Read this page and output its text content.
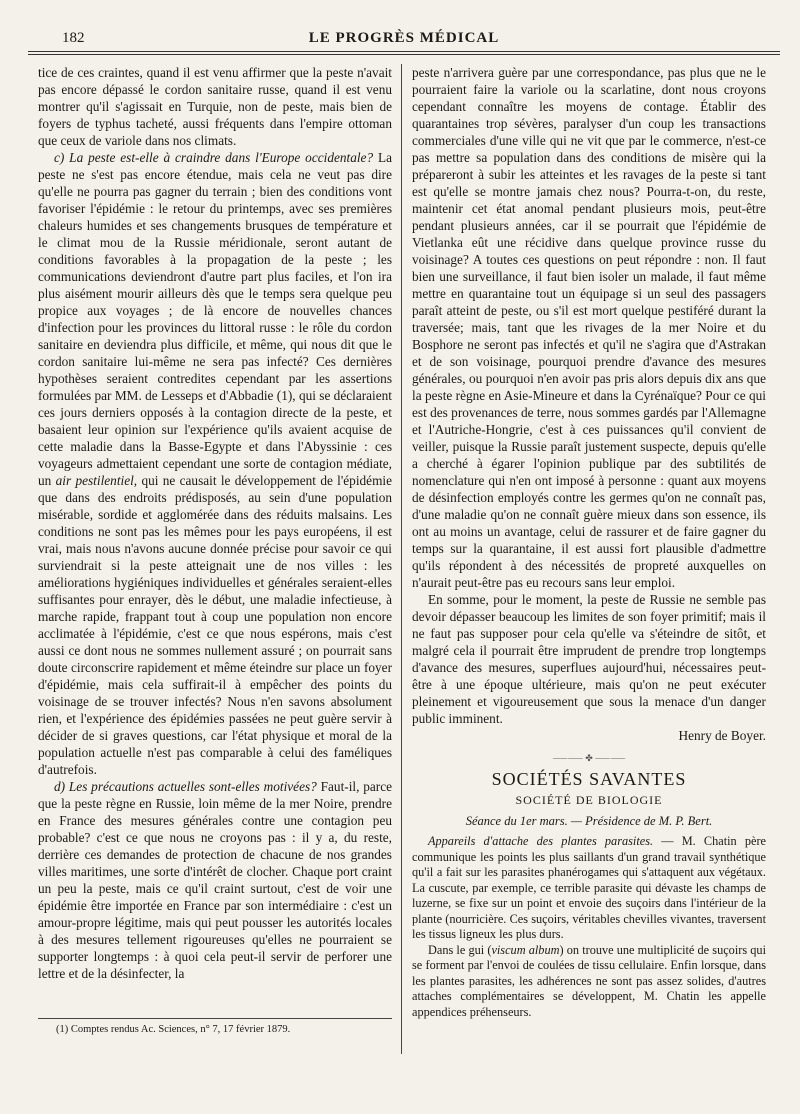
182	LE PROGRÈS MÉDICAL

tice de ces craintes, quand il est venu affirmer que la peste n'avait pas encore dépassé le cordon sanitaire russe, quand il est venu montrer qu'il s'agissait en Turquie, non de peste, mais bien de foyers de typhus tacheté, aussi fréquents dans l'empire ottoman que ceux de variole dans nos climats.

c) La peste est-elle à craindre dans l'Europe occidentale? La peste ne s'est pas encore étendue, mais cela ne veut pas dire qu'elle ne pourra pas gagner du terrain ; bien des conditions vont favoriser l'épidémie : le retour du printemps, avec ses premières chaleurs humides et ses changements brusques de température et le climat mou de la Russie méridionale, seront autant de conditions favorables à la propagation de la peste ; les communications deviendront d'autre part plus faciles, et l'on ira plus aisément mourir ailleurs dès que le temps sera quelque peu propice aux voyages ; de là encore de nouvelles chances d'infection pour les provinces du littoral russe : le rôle du cordon sanitaire en deviendra plus difficile, et même, qui nous dit que le cordon sanitaire lui-même ne sera pas infecté? Ces dernières hypothèses seraient contredites cependant par les assertions formulées par MM. de Lesseps et d'Abbadie (1), qui se déclaraient ces jours derniers opposés à la contagion directe de la peste, et basaient leur opinion sur l'expérience qu'ils avaient acquise de cette maladie dans la Basse-Egypte et dans l'Abyssinie : ces voyageurs admettaient cependant une sorte de contagion médiate, un air pestilentiel, qui ne causait le développement de l'épidémie que dans des endroits prédisposés, au sein d'une population misérable, sordide et agglomérée dans des réduits malsains. Les conditions ne sont pas les mêmes pour les pays européens, il est vrai, mais nous n'avons aucune donnée précise pour savoir ce qui surviendrait si la peste atteignait une de nos villes : les améliorations hygiéniques individuelles et générales seraient-elles suffisantes pour enrayer, dès le début, une maladie infectieuse, à marche rapide, frappant tout à coup une population non encore acclimatée à l'épidémie, c'est ce que nous espérons, mais c'est aussi ce dont nous ne sommes nullement assuré ; on pourrait sans doute circonscrire rapidement et même éteindre sur place un foyer d'épidémie, mais cela suffirait-il à empêcher des points du voisinage de se trouver infectés? Nous n'en savons absolument rien, et l'expérience des épidémies passées ne peut guère servir à décider de si graves questions, car l'état physique et moral de la population actuelle n'est pas comparable à celui des faméliques d'autrefois.

d) Les précautions actuelles sont-elles motivées? Faut-il, parce que la peste règne en Russie, loin même de la mer Noire, prendre en France des mesures générales contre une contagion peu probable? c'est ce que nous ne croyons pas : il y a, du reste, derrière ces demandes de protection de chacune de nos grandes villes maritimes, une sorte d'intérêt de clocher. Chaque port craint un peu la peste, mais ce qu'il craint surtout, c'est de voir une épidémie être importée en France par son intermédiaire : c'est un amour-propre légitime, mais qui peut pousser les autorités locales à des mesures tellement rigoureuses qu'elles ne pourraient se supporter longtemps : à quoi cela peut-il servir de perforer une lettre et de la désinfecter, la

(1) Comptes rendus Ac. Sciences, n° 7, 17 février 1879.

peste n'arrivera guère par une correspondance, pas plus que ne le pourraient faire la variole ou la scarlatine, dont nous croyons cependant connaître les moyens de contage. Établir des quarantaines trop sévères, paralyser d'un coup les transactions commerciales d'une ville qui ne vit que par le commerce, n'est-ce pas mettre sa population dans des conditions de misère qui la prépareront à subir les atteintes et les ravages de la peste si tant est qu'elle se montre jamais chez nous? Pourra-t-on, du reste, maintenir cet état anomal pendant plusieurs mois, peut-être pendant plusieurs années, car il se pourrait que l'épidémie de Vietlanka eût une récidive dans quelque province russe du voisinage? A toutes ces questions on peut répondre : non. Il faut bien une surveillance, il faut bien isoler un malade, il faut même mettre en quarantaine tout un équipage si un seul des passagers paraît atteint de peste, ou s'il est mort quelque pestiféré durant la traversée; mais, tant que les rivages de la mer Noire et du Bosphore ne seront pas infectés et qu'il ne s'agira que d'Astrakan et de son voisinage, pourquoi prendre d'avance des mesures générales, ou pourquoi n'en avoir pas pris alors depuis dix ans que la peste règne en Asie-Mineure et dans la Cyrénaïque? Pour ce qui est des provenances de terre, nous sommes gardés par l'Allemagne et l'Autriche-Hongrie, c'est à ces puissances qu'il convient de veiller, puisque la Russie paraît justement suspecte, depuis qu'elle a cherché à égarer l'opinion publique par des subtilités de nomenclature qui n'en ont imposé à personne : quant aux moyens de désinfection employés contre les germes qu'on ne connaît pas, d'une maladie qu'on ne connaît guère mieux dans son essence, ils ont au moins un avantage, celui de rassurer et de faire gagner du temps sur la quarantaine, il est aussi fort plausible d'admettre qu'ils répondent à des nécessités de propreté auxquelles on n'aurait peut-être pas eu recours sans leur emploi.

En somme, pour le moment, la peste de Russie ne semble pas devoir dépasser beaucoup les limites de son foyer primitif; mais il ne faut pas supposer pour cela qu'elle va s'éteindre de sitôt, et malgré cela il pourrait être imprudent de prendre trop longtemps d'avance des mesures, superflues aujourd'hui, nécessaires peut-être à une époque ultérieure, mais qu'on ne peut exécuter pleinement et vigoureusement que sous la menace d'un danger public imminent.

Henry de Boyer.

⸺⸺ ✤ ⸺⸺
SOCIÉTÉS SAVANTES
SOCIÉTÉ DE BIOLOGIE
Séance du 1er mars. — Présidence de M. P. Bert.

Appareils d'attache des plantes parasites. — M. Chatin père communique les points les plus saillants d'un grand travail synthétique qu'il a fait sur les parasites phanérogames qui s'attaquent aux végétaux. La cuscute, par exemple, ce terrible parasite qui dévaste les champs de luzerne, se fixe sur un point et envoie des suçoirs dans l'intérieur de la plante (nourricière. Ces suçoirs, véritables chevilles vivantes, traversent les tissus ligneux les plus durs.

Dans le gui (viscum album) on trouve une multiplicité de suçoirs qui se forment par l'envoi de coulées de tissu cellulaire. Enfin lorsque, dans les plantes parasites, les adhérences ne sont pas assez solides, d'autres attaches complémentaires se développent, M. Chatin les appelle appendices préhenseurs.
